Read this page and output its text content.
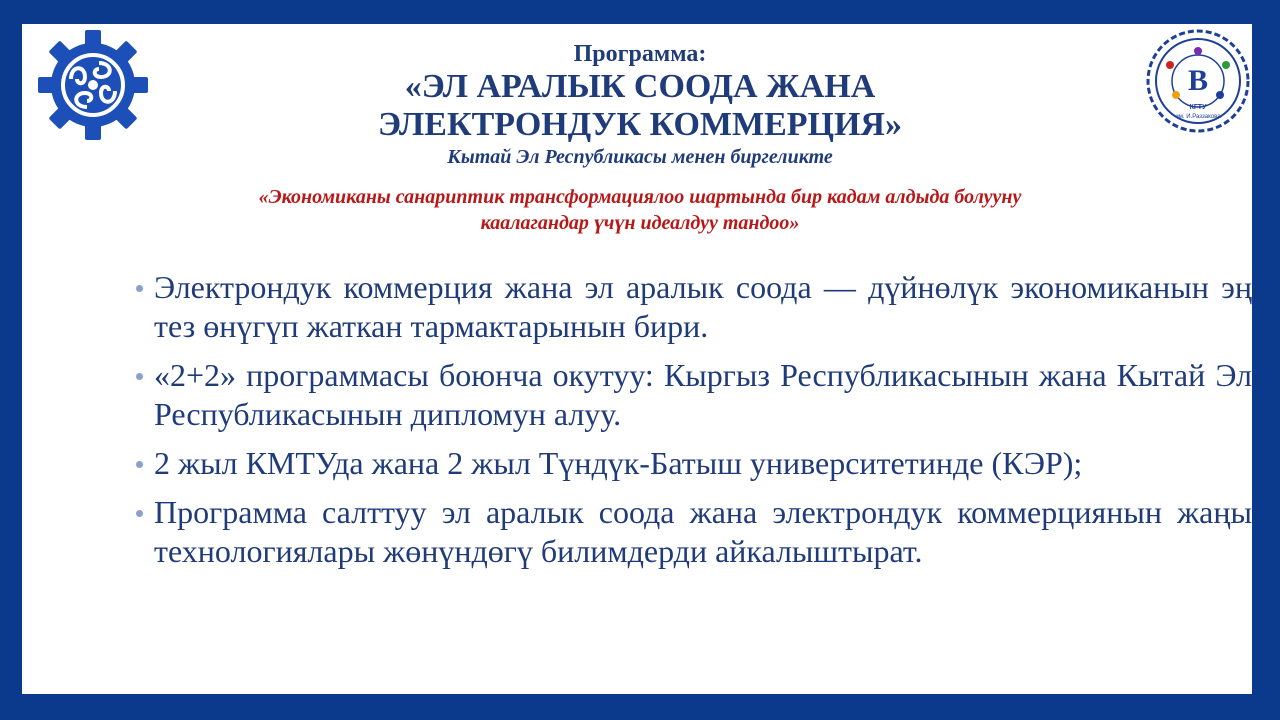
В
КГТУ
им. И.Раззакова
Программа:
«ЭЛ АРАЛЫК СООДА ЖАНА
ЭЛЕКТРОНДУК КОММЕРЦИЯ»
Кытай Эл Республикасы менен биргеликте
«Экономиканы санариптик трансформациялоо шартында бир кадам алдыда болууну
каалагандар үчүн идеалдуу тандоо»
Электрондук коммерция жана эл аралык соода — дүйнөлүк экономиканын эң тез өнүгүп жаткан тармактарынын бири.
«2+2» программасы боюнча окутуу: Кыргыз Республикасынын жана Кытай Эл Республикасынын дипломун алуу.
2 жыл КМТУда жана 2 жыл Түндүк-Батыш университетинде (КЭР);
Программа салттуу эл аралык соода жана электрондук коммерциянын жаңы технологиялары жөнүндөгү билимдерди айкалыштырат.
